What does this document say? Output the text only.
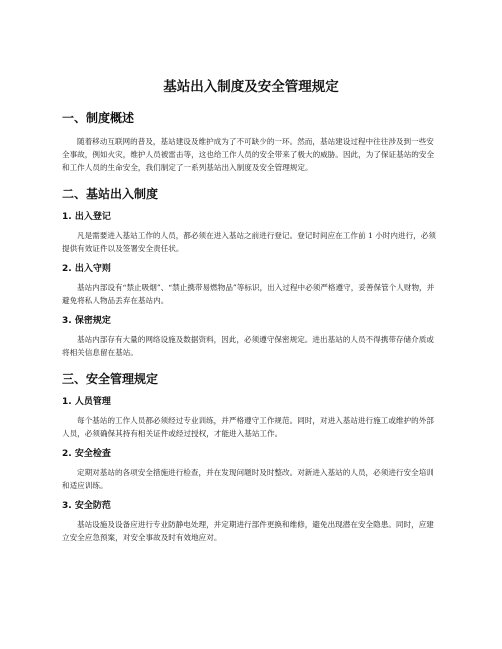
基站出入制度及安全管理规定
一、制度概述

随着移动互联网的普及，基站建设及维护成为了不可缺少的一环。然而，基站建设过程中往往涉及到一些安全事故，例如火灾，维护人员被雷击等，这也给工作人员的安全带来了极大的威胁。因此，为了保证基站的安全和工作人员的生命安全，我们制定了一系列基站出入制度及安全管理规定。

二、基站出入制度
1. 出入登记

凡是需要进入基站工作的人员，都必须在进入基站之前进行登记。登记时间应在工作前 1 小时内进行，必须提供有效证件以及签署安全责任状。

2. 出入守则

基站内部设有“禁止吸烟”、“禁止携带易燃物品”等标识，出入过程中必须严格遵守，妥善保管个人财物，并避免将私人物品丢弃在基站内。

3. 保密规定

基站内部存有大量的网络设施及数据资料，因此，必须遵守保密规定。进出基站的人员不得携带存储介质或将相关信息留在基站。

三、安全管理规定
1. 人员管理

每个基站的工作人员都必须经过专业训练，并严格遵守工作规范。同时，对进入基站进行施工或维护的外部人员，必须确保其持有相关证件或经过授权，才能进入基站工作。

2. 安全检查

定期对基站的各项安全措施进行检查，并在发现问题时及时整改。对新进入基站的人员，必须进行安全培训和适应训练。

3. 安全防范

基站设施及设备应进行专业防静电处理，并定期进行部件更换和维修，避免出现潜在安全隐患。同时，应建立安全应急预案，对安全事故及时有效地应对。
